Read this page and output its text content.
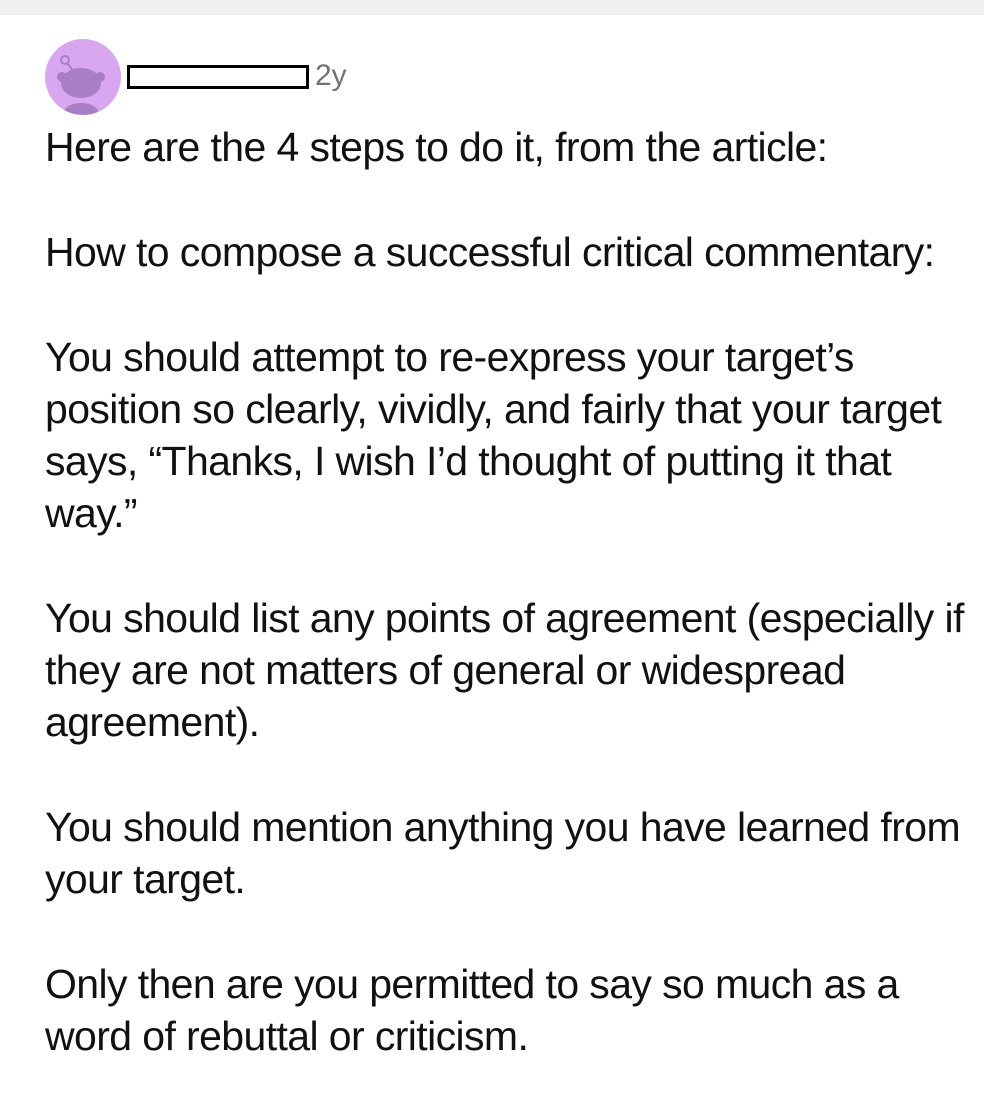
2y

Here are the 4 steps to do it, from the article:

How to compose a successful critical commentary:

You should attempt to re-express your target’s position so clearly, vividly, and fairly that your target says, “Thanks, I wish I’d thought of putting it that way.”

You should list any points of agreement (especially if they are not matters of general or widespread agreement).

You should mention anything you have learned from your target.

Only then are you permitted to say so much as a word of rebuttal or criticism.
